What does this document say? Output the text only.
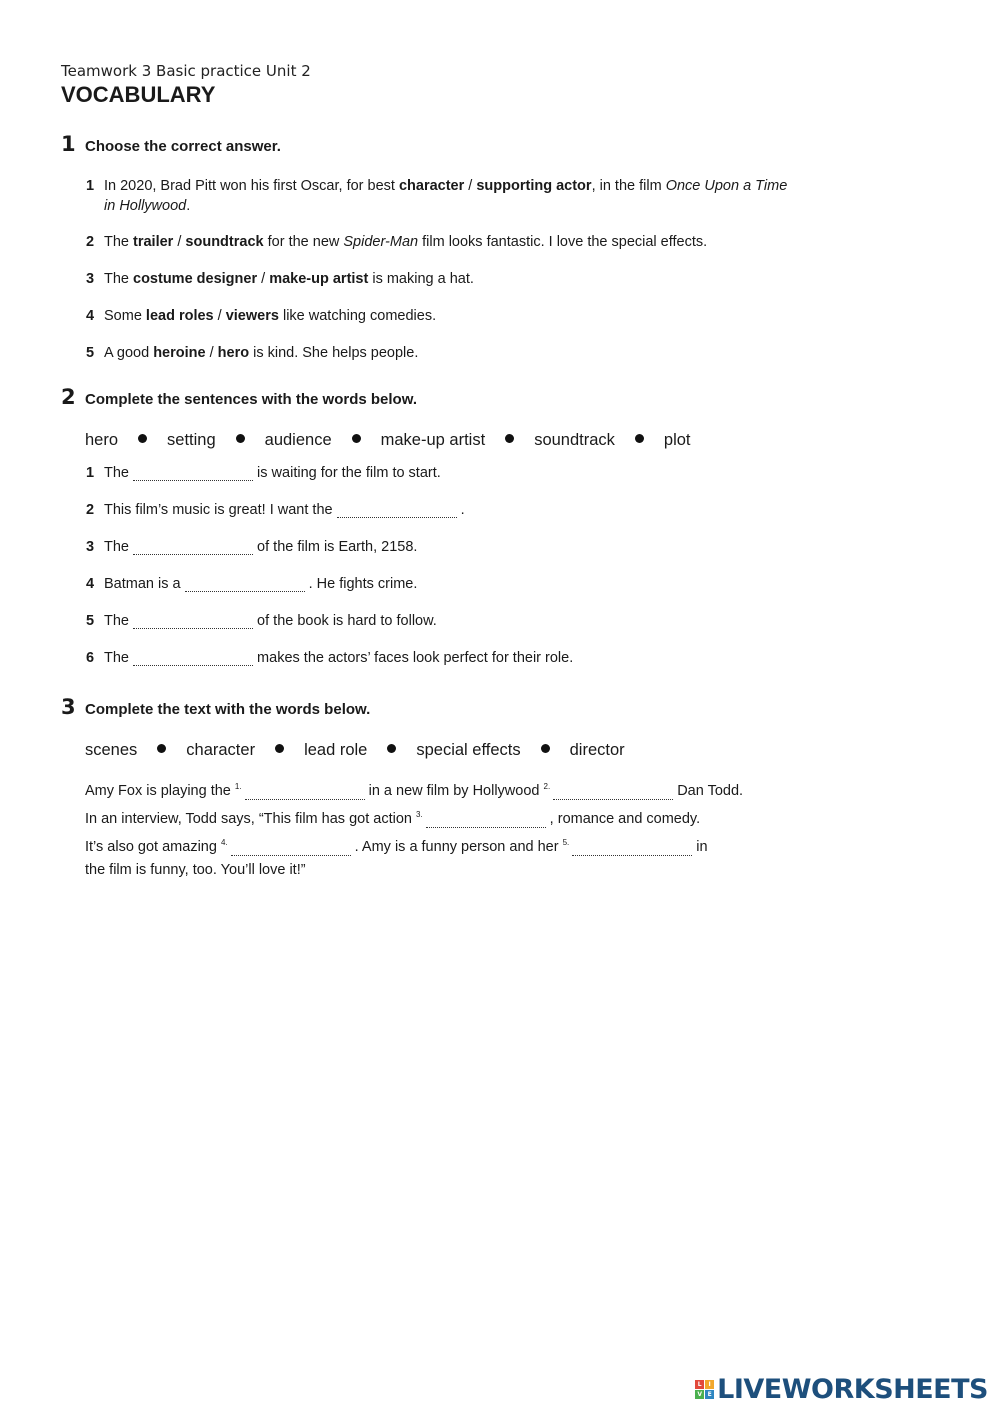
Teamwork 3 Basic practice Unit 2

VOCABULARY

1 Choose the correct answer.
1 In 2020, Brad Pitt won his first Oscar, for best character / supporting actor, in the film Once Upon a Time
in Hollywood.
2 The trailer / soundtrack for the new Spider-Man film looks fantastic. I love the special effects.
3 The costume designer / make-up artist is making a hat.
4 Some lead roles / viewers like watching comedies.
5 A good heroine / hero is kind. She helps people.
2 Complete the sentences with the words below.
hero	setting	audience	make-up artist	soundtrack	plot
1 The	is waiting for the film to start.
2 This film’s music is great! I want the	.
3 The	of the film is Earth, 2158.
4 Batman is a	. He fights crime.
5 The	of the book is hard to follow.
6 The	makes the actors’ faces look perfect for their role.
3 Complete the text with the words below.
scenes	character	lead role	special effects	director
Amy Fox is playing the $^{1.}$	in a new film by Hollywood $^{2.}$	Dan Todd.
In an interview, Todd says, “This film has got action $^{3.}$	, romance and comedy.
It’s also got amazing $^{4.}$	. Amy is a funny person and her $^{5.}$	in
the film is funny, too. You’ll love it!”
L	I
V E LIVEWORKSHEETS
